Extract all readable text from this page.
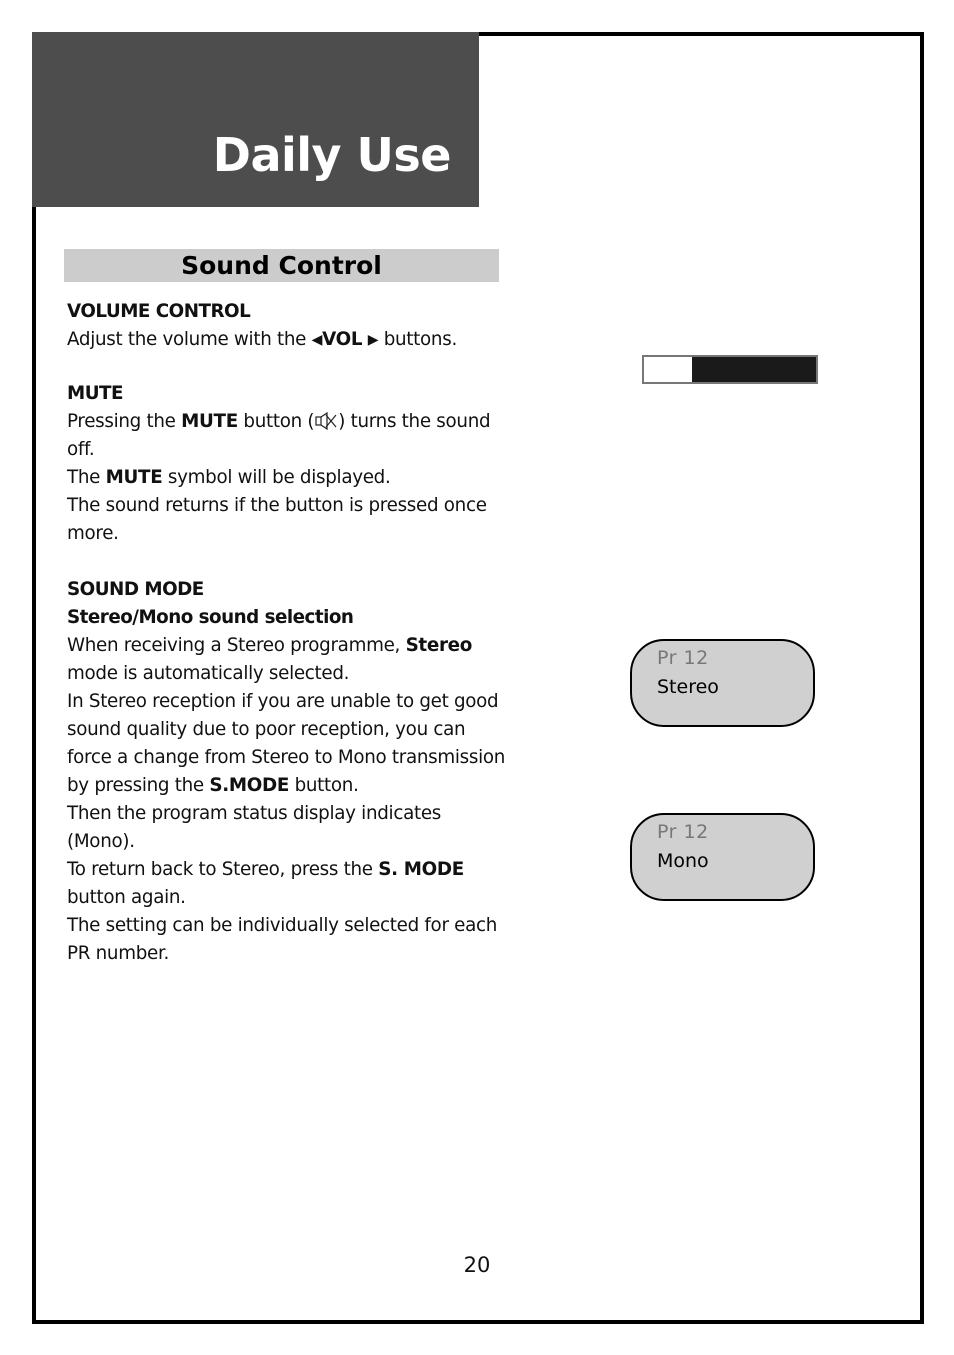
Daily Use
Sound Control

VOLUME CONTROL

Adjust the volume with the ◀VOL ▶ buttons.

MUTE

Pressing the MUTE button ( ) turns the sound

off.

The MUTE symbol will be displayed.

The sound returns if the button is pressed once

more.

SOUND MODE

Stereo/Mono sound selection

When receiving a Stereo programme, Stereo

mode is automatically selected.

In Stereo reception if you are unable to get good

sound quality due to poor reception, you can

force a change from Stereo to Mono transmission

by pressing the S.MODE button.

Then the program status display indicates (Mono).

To return back to Stereo, press the S. MODE

button again.

The setting can be individually selected for each

PR number.

Pr 12
Stereo
Pr 12
Mono
20
